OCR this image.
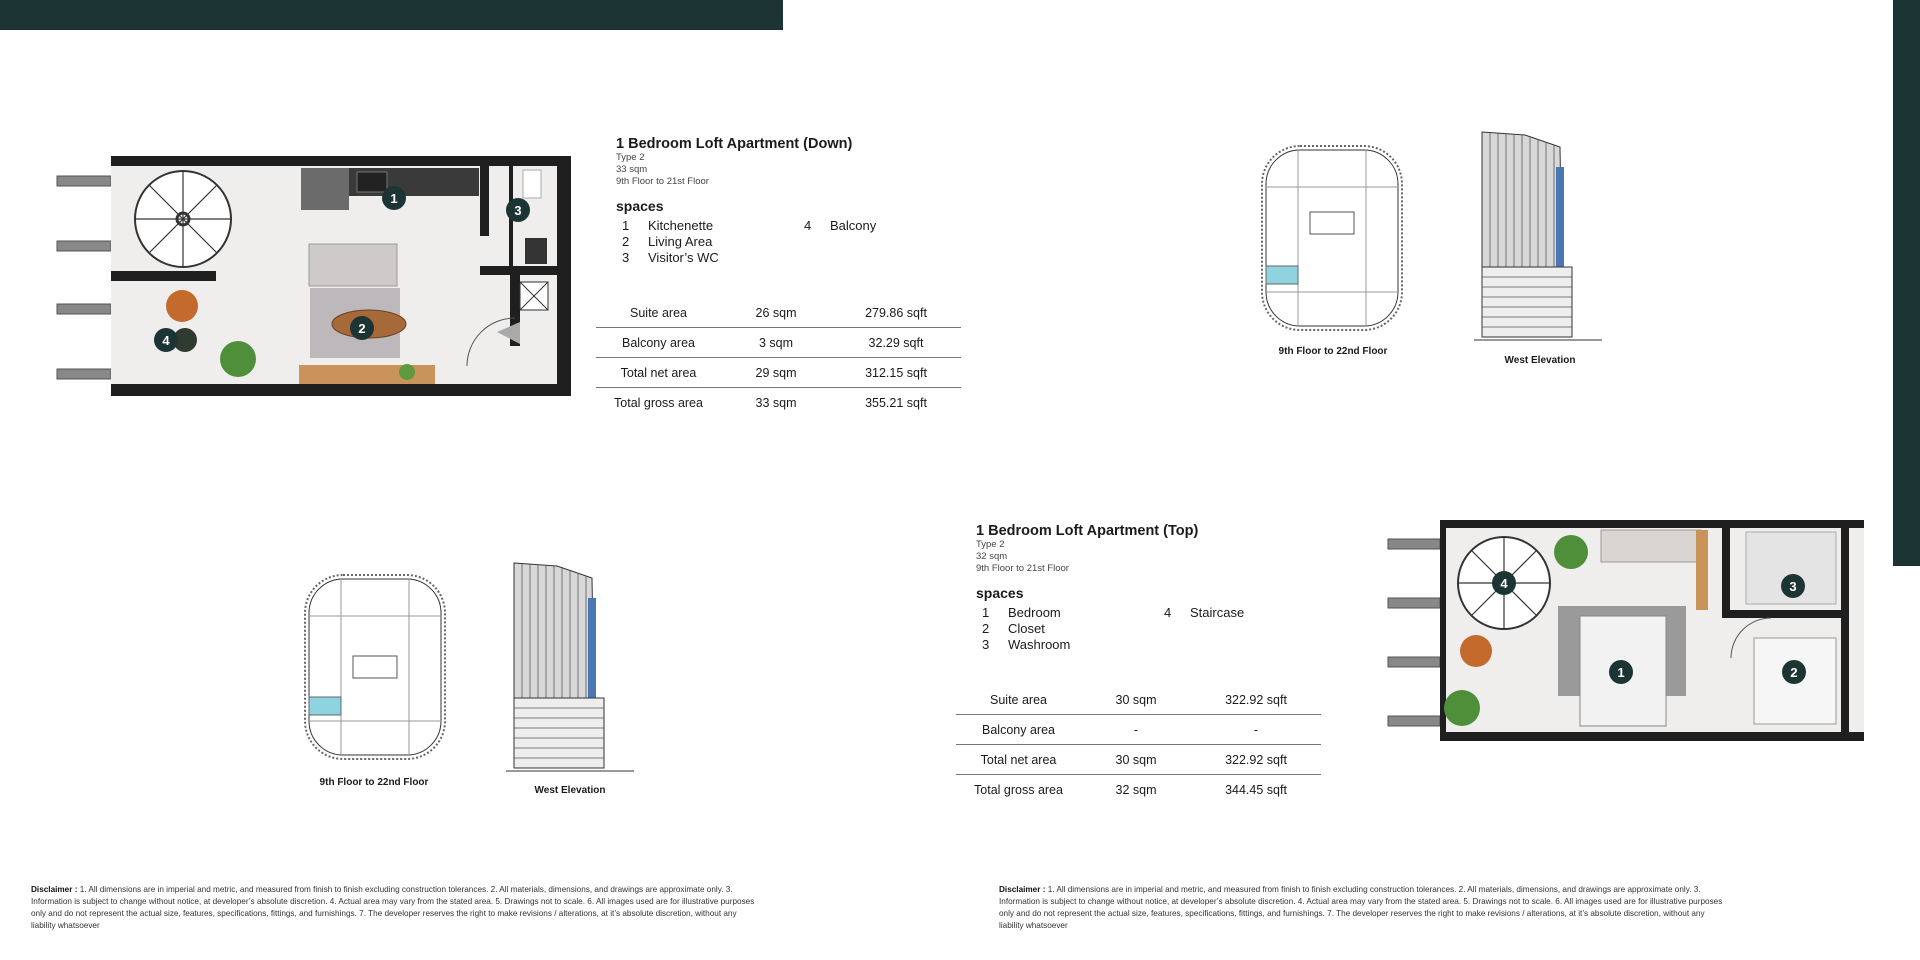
1
2
3
4
1 Bedroom Loft Apartment (Down)
Type 2
33 sqm
9th Floor to 21st Floor
spaces
1	Kitchenette
2	Living Area
3	Visitor’s WC
4	Balcony
Suite area	26 sqm	279.86 sqft
Balcony area	3 sqm	32.29 sqft
Total net area	29 sqm	312.15 sqft
Total gross area	33 sqm	355.21 sqft
9th Floor to 22nd Floor
West Elevation
9th Floor to 22nd Floor
West Elevation
1 Bedroom Loft Apartment (Top)
Type 2
32 sqm
9th Floor to 21st Floor
spaces
1	Bedroom
2	Closet
3	Washroom
4	Staircase
Suite area	30 sqm	322.92 sqft
Balcony area	-	-
Total net area	30 sqm	322.92 sqft
Total gross area	32 sqm	344.45 sqft
1	2
3
4
Disclaimer : 1. All dimensions are in imperial and metric, and measured from finish to finish excluding construction tolerances. 2. All materials, dimensions, and drawings are approximate only. 3. Information is subject to change without notice, at developer’s absolute discretion. 4. Actual area may vary from the stated area. 5. Drawings not to scale. 6. All images used are for illustrative purposes only and do not represent the actual size, features, specifications, fittings, and furnishings. 7. The developer reserves the right to make revisions / alterations, at it’s absolute discretion, without any liability whatsoever
Disclaimer : 1. All dimensions are in imperial and metric, and measured from finish to finish excluding construction tolerances. 2. All materials, dimensions, and drawings are approximate only. 3. Information is subject to change without notice, at developer’s absolute discretion. 4. Actual area may vary from the stated area. 5. Drawings not to scale. 6. All images used are for illustrative purposes only and do not represent the actual size, features, specifications, fittings, and furnishings. 7. The developer reserves the right to make revisions / alterations, at it’s absolute discretion, without any liability whatsoever
